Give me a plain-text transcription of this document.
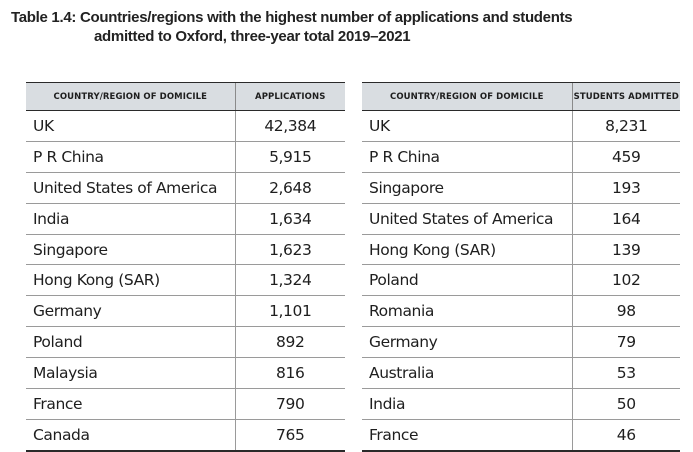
Table 1.4: Countries/regions with the highest number of applications and students
admitted to Oxford, three-year total 2019–2021
COUNTRY/REGION OF DOMICILE	APPLICATIONS
UK	42,384
P R China	5,915
United States of America	2,648
India	1,634
Singapore	1,623
Hong Kong (SAR)	1,324
Germany	1,101
Poland	892
Malaysia	816
France	790
Canada	765
COUNTRY/REGION OF DOMICILE	STUDENTS ADMITTED
UK	8,231
P R China	459
Singapore	193
United States of America	164
Hong Kong (SAR)	139
Poland	102
Romania	98
Germany	79
Australia	53
India	50
France	46
